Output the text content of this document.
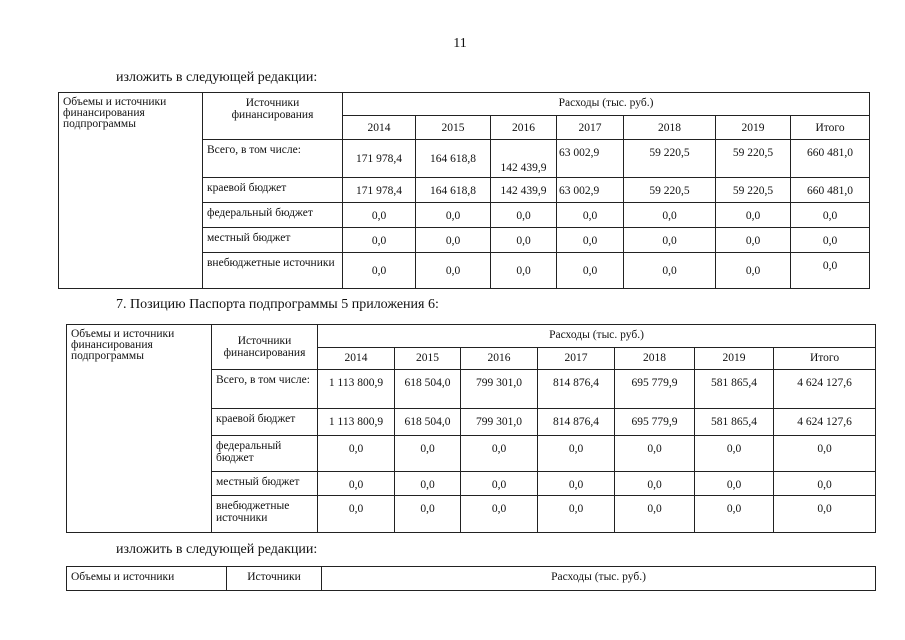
11
изложить в следующей редакции:
Объемы и источники финансирования подпрограммы	Источники финансирования	Расходы (тыс. руб.)						
		2014	2015	2016	2017	2018	2019	Итого
	Всего, в том числе:	171 978,4	164 618,8	142 439,9	63 002,9	59 220,5	59 220,5	660 481,0
	краевой бюджет	171 978,4	164 618,8	142 439,9	63 002,9	59 220,5	59 220,5	660 481,0
	федеральный бюджет	0,0	0,0	0,0	0,0	0,0	0,0	0,0
	местный бюджет	0,0	0,0	0,0	0,0	0,0	0,0	0,0
	внебюджетные источники	0,0	0,0	0,0	0,0	0,0	0,0	0,0
7. Позицию Паспорта подпрограммы 5 приложения 6:
Объемы и источники финансирования подпрограммы	Источники финансирования	Расходы (тыс. руб.)						
		2014	2015	2016	2017	2018	2019	Итого
	Всего, в том числе:	1 113 800,9	618 504,0	799 301,0	814 876,4	695 779,9	581 865,4	4 624 127,6
	краевой бюджет	1 113 800,9	618 504,0	799 301,0	814 876,4	695 779,9	581 865,4	4 624 127,6
	федеральный бюджет	0,0	0,0	0,0	0,0	0,0	0,0	0,0
	местный бюджет	0,0	0,0	0,0	0,0	0,0	0,0	0,0
	внебюджетные источники	0,0	0,0	0,0	0,0	0,0	0,0	0,0
изложить в следующей редакции:
Объемы и источники	Источники	Расходы (тыс. руб.)
